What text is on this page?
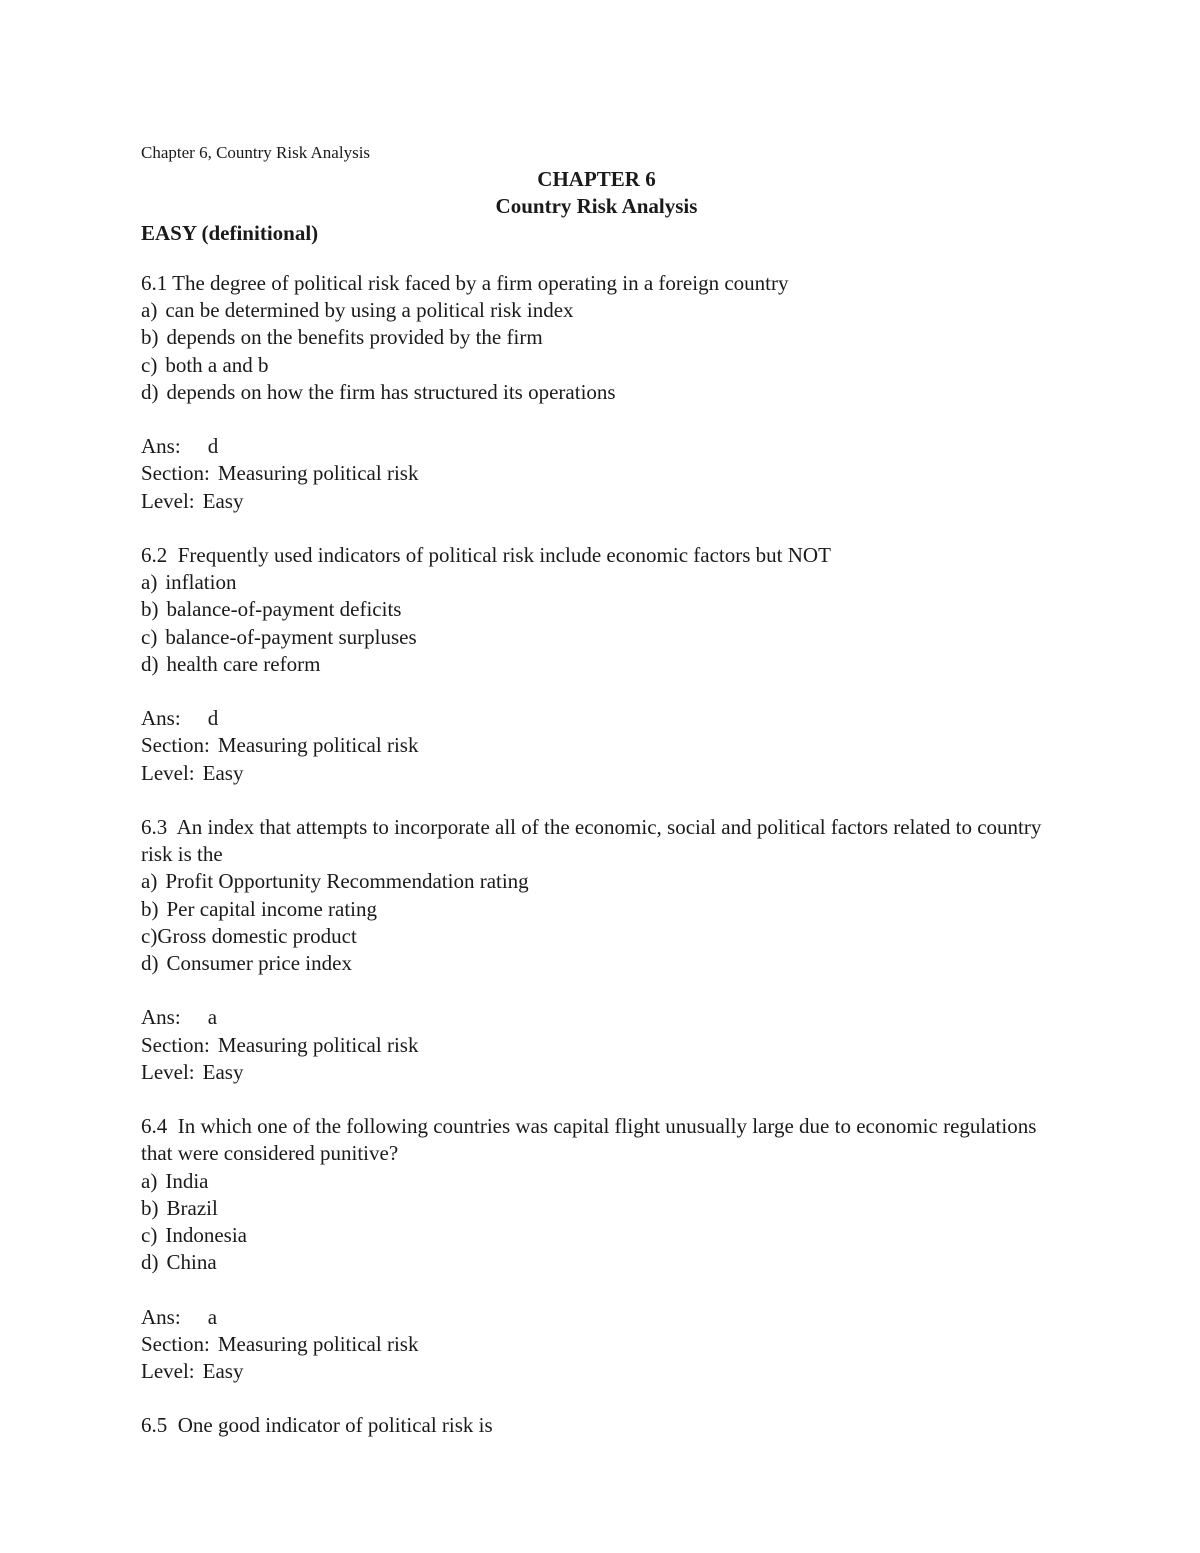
Chapter 6, Country Risk Analysis
CHAPTER 6
Country Risk Analysis
EASY (definitional)
6.1 The degree of political risk faced by a firm operating in a foreign country
a) can be determined by using a political risk index
b) depends on the benefits provided by the firm
c) both a and b
d) depends on how the firm has structured its operations
Ans: d
Section: Measuring political risk
Level: Easy
6.2 Frequently used indicators of political risk include economic factors but NOT
a) inflation
b) balance-of-payment deficits
c) balance-of-payment surpluses
d) health care reform
Ans: d
Section: Measuring political risk
Level: Easy
6.3 An index that attempts to incorporate all of the economic, social and political factors related to country risk is the
a) Profit Opportunity Recommendation rating
b) Per capital income rating
c)Gross domestic product
d) Consumer price index
Ans: a
Section: Measuring political risk
Level: Easy
6.4 In which one of the following countries was capital flight unusually large due to economic regulations that were considered punitive?
a) India
b) Brazil
c) Indonesia
d) China
Ans: a
Section: Measuring political risk
Level: Easy
6.5 One good indicator of political risk is
